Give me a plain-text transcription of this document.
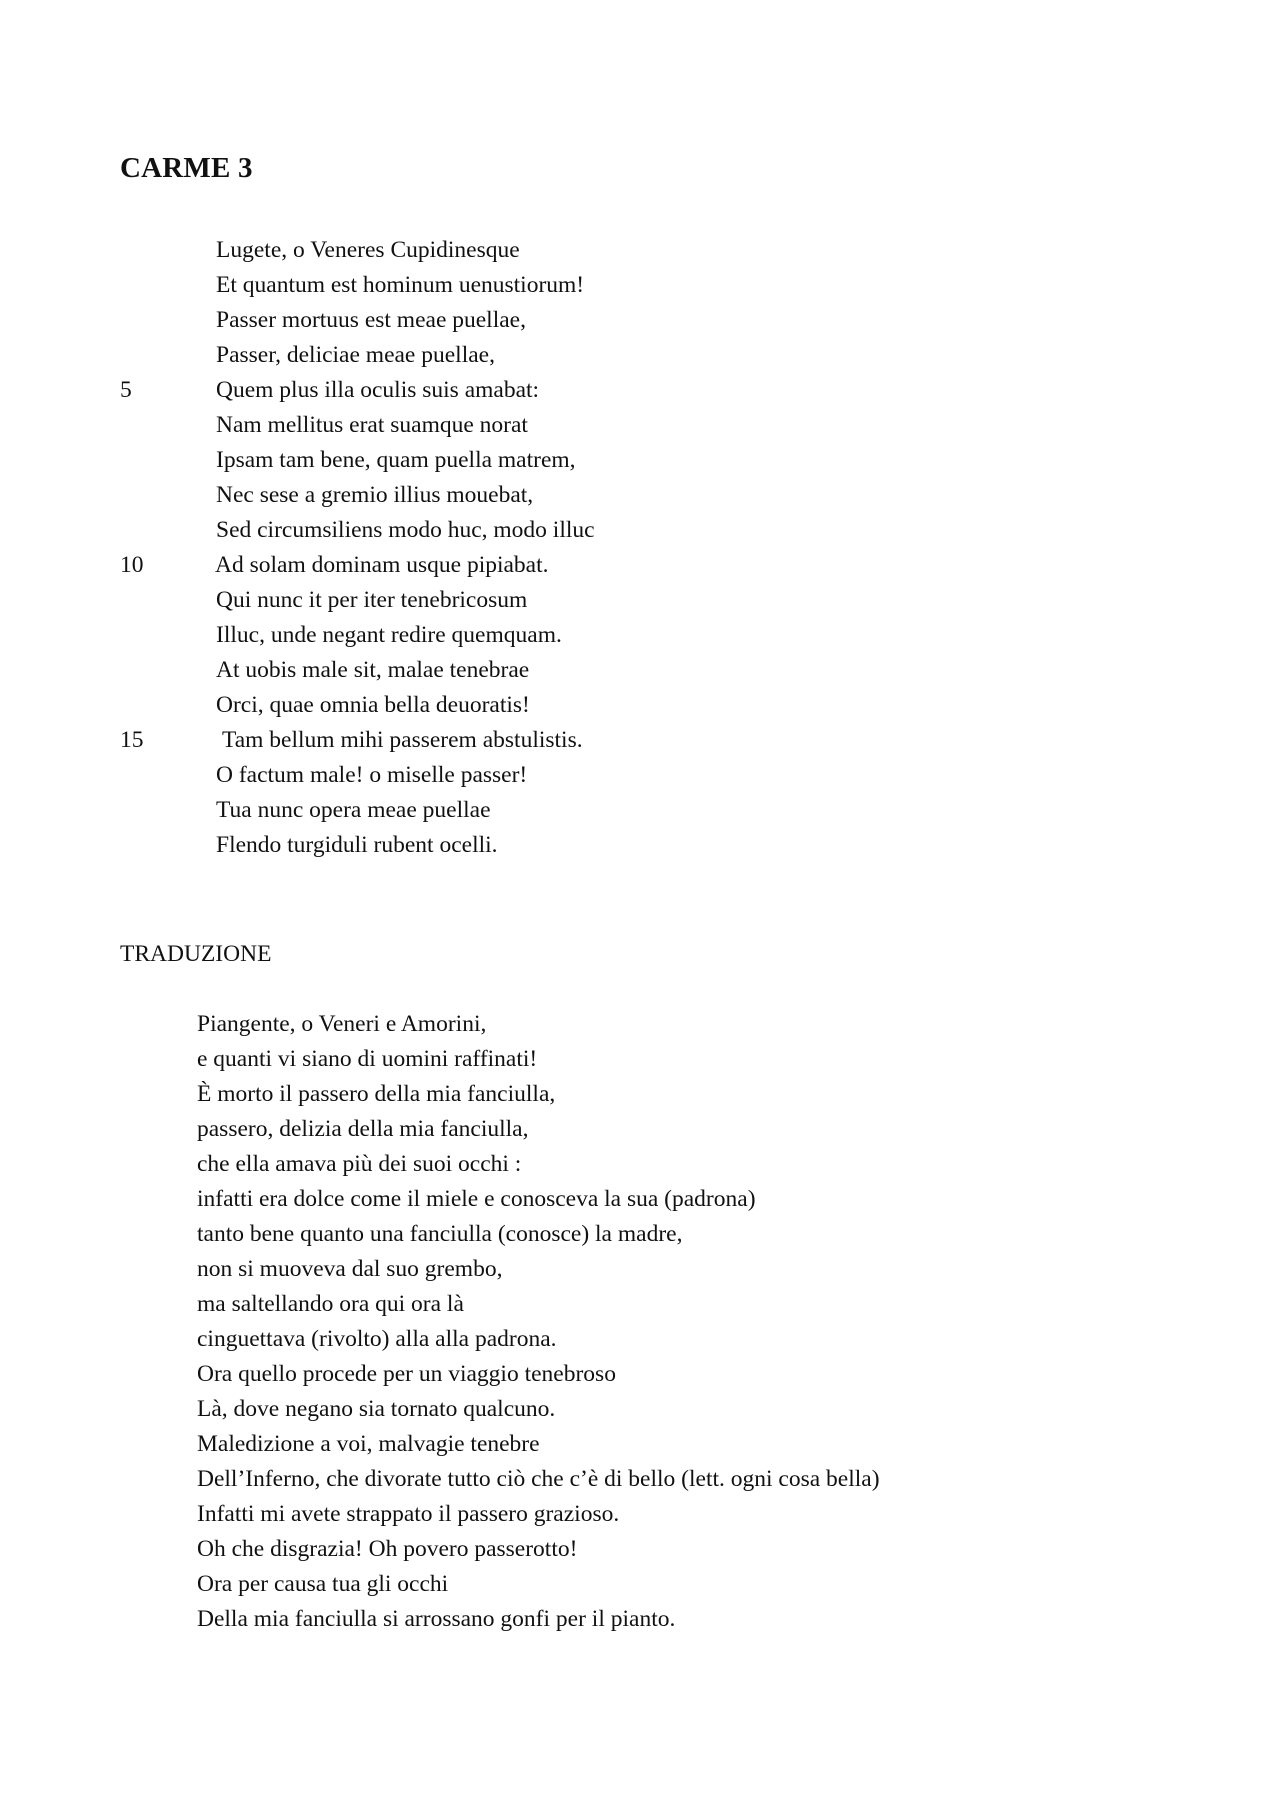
CARME 3
Lugete, o Veneres Cupidinesque
Et quantum est hominum uenustiorum!
Passer mortuus est meae puellae,
Passer, deliciae meae puellae,
5	Quem plus illa oculis suis amabat:
Nam mellitus erat suamque norat
Ipsam tam bene, quam puella matrem,
Nec sese a gremio illius mouebat,
Sed circumsiliens modo huc, modo illuc
10	Ad solam dominam usque pipiabat.
Qui nunc it per iter tenebricosum
Illuc, unde negant redire quemquam.
At uobis male sit, malae tenebrae
Orci, quae omnia bella deuoratis!
15	Tam bellum mihi passerem abstulistis.
O factum male! o miselle passer!
Tua nunc opera meae puellae
Flendo turgiduli rubent ocelli.
TRADUZIONE
Piangente, o Veneri e Amorini,
e quanti vi siano di uomini raffinati!
È morto il passero della mia fanciulla,
passero, delizia della mia fanciulla,
che ella amava più dei suoi occhi :
infatti era dolce come il miele e conosceva la sua (padrona)
tanto bene quanto una fanciulla (conosce) la madre,
non si muoveva dal suo grembo,
ma saltellando ora qui ora là
cinguettava (rivolto) alla alla padrona.
Ora quello procede per un viaggio tenebroso
Là, dove negano sia tornato qualcuno.
Maledizione a voi, malvagie tenebre
Dell’Inferno, che divorate tutto ciò che c’è di bello (lett. ogni cosa bella)
Infatti mi avete strappato il passero grazioso.
Oh che disgrazia! Oh povero passerotto!
Ora per causa tua gli occhi
Della mia fanciulla si arrossano gonfi per il pianto.
